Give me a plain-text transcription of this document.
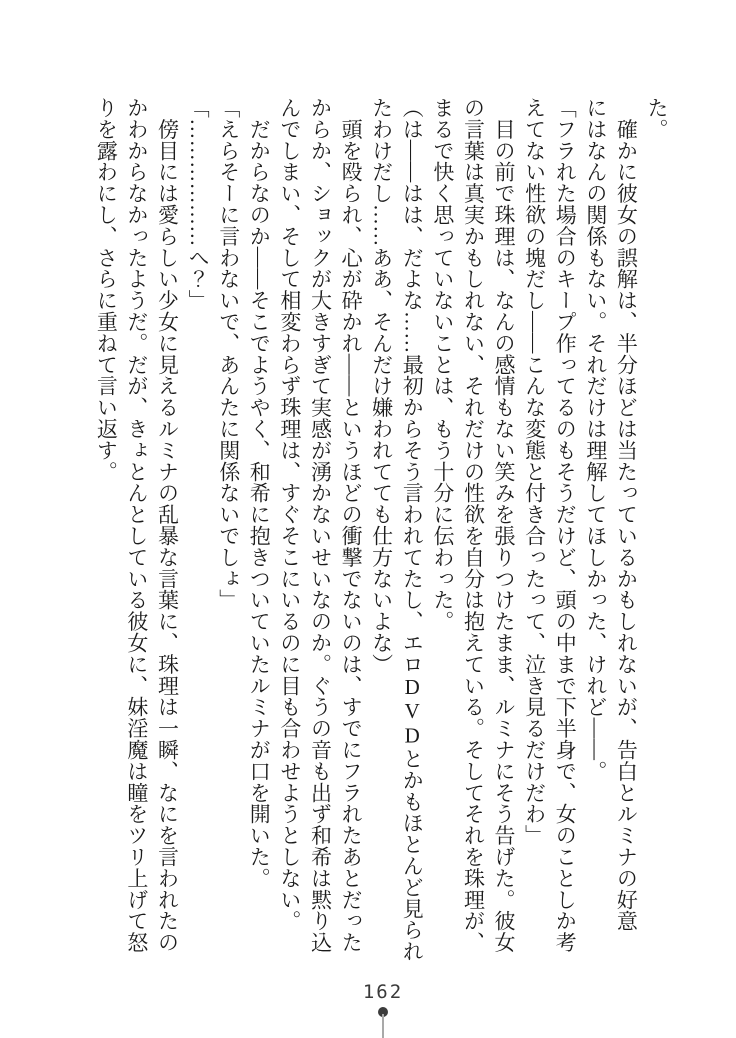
た。
　確かに彼女の誤解は、半分ほどは当たっているかもしれないが、告白とルミナの好意
にはなんの関係もない。それだけは理解してほしかった、けれど——。
「フラれた場合のキープ作ってるのもそうだけど、頭の中まで下半身で、女のことしか考
えてない性欲の塊だし——こんな変態と付き合ったって、泣き見るだけだわ」
　目の前で珠理は、なんの感情もない笑みを張りつけたまま、ルミナにそう告げた。彼女
の言葉は真実かもしれない、それだけの性欲を自分は抱えている。そしてそれを珠理が、
まるで快く思っていないことは、もう十分に伝わった。
（は——はは、だよな……最初からそう言われてたし、エロDVDとかもほとんど見られ
たわけだし……ああ、そんだけ嫌われてても仕方ないよな）
　頭を殴られ、心が砕かれ——というほどの衝撃でないのは、すでにフラれたあとだった
からか、ショックが大きすぎて実感が湧かないせいなのか。ぐうの音も出ず和希は黙り込
んでしまい、そして相変わらず珠理は、すぐそこにいるのに目も合わせようとしない。
　だからなのか——そこでようやく、和希に抱きついていたルミナが口を開いた。
「えらそーに言わないで、あんたに関係ないでしょ」
「………………へ？」
　傍目には愛らしい少女に見えるルミナの乱暴な言葉に、珠理は一瞬、なにを言われたの
かわからなかったようだ。だが、きょとんとしている彼女に、妹淫魔は瞳をツリ上げて怒
りを露わにし、さらに重ねて言い返す。
162
